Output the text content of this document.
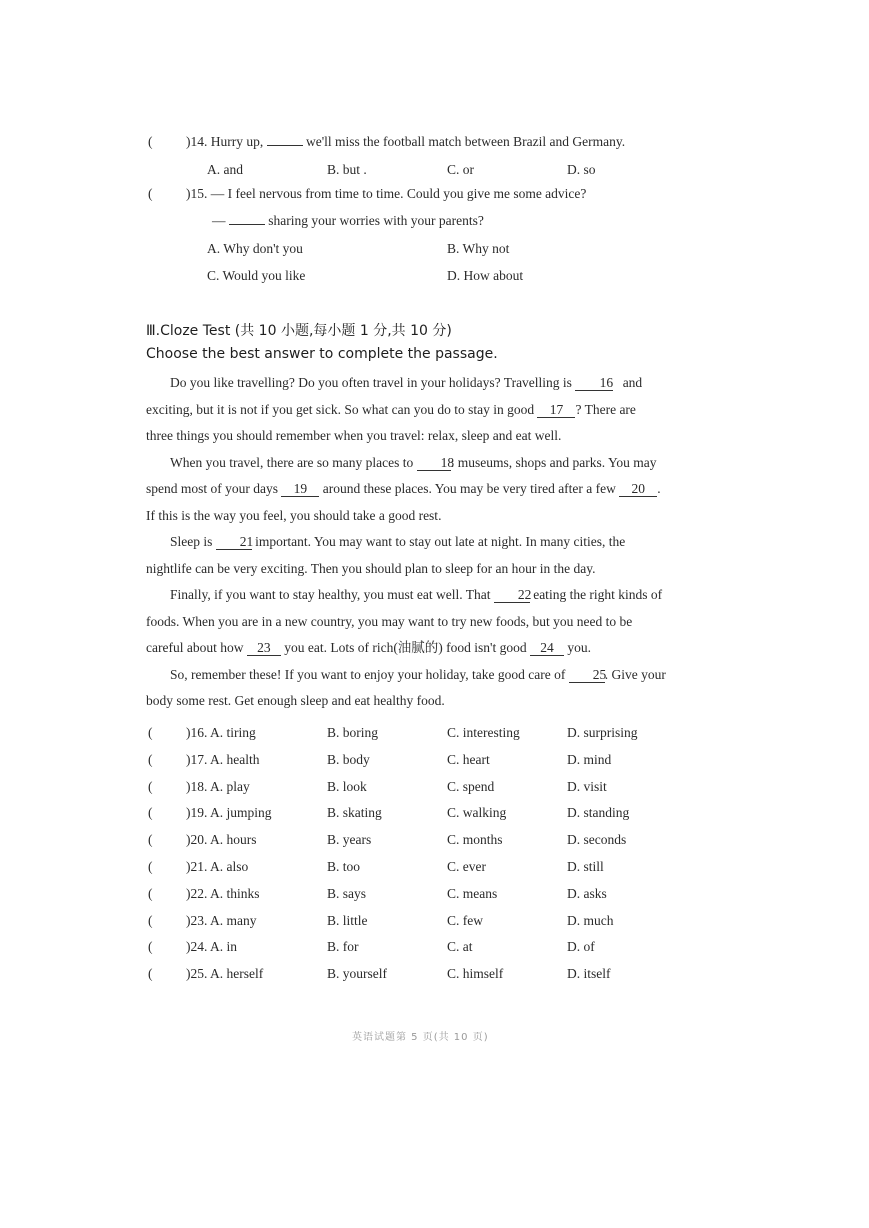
( )14. Hurry up,	we'll miss the football match between Brazil and Germany.
A. and	B. but .	C. or	D. so
( )15. — I feel nervous from time to time. Could you give me some advice?
—	sharing your worries with your parents?
A. Why don't you	B. Why not
C. Would you like	D. How about
Ⅲ.Cloze Test (共 10 小题,每小题 1 分,共 10 分)
Choose the best answer to complete the passage.
Do you like travelling? Do you often travel in your holidays? Travelling is 16 and
exciting, but it is not if you get sick. So what can you do to stay in good 17 ? There are
three things you should remember when you travel: relax, sleep and eat well.
When you travel, there are so many places to 18: museums, shops and parks. You may
spend most of your days 19 around these places. You may be very tired after a few 20 .
If this is the way you feel, you should take a good rest.
Sleep is 21 important. You may want to stay out late at night. In many cities, the
nightlife can be very exciting. Then you should plan to sleep for an hour in the day.
Finally, if you want to stay healthy, you must eat well. That 22 eating the right kinds of
foods. When you are in a new country, you may want to try new foods, but you need to be
careful about how 23 you eat. Lots of rich(油腻的) food isn't good 24 you.
So, remember these! If you want to enjoy your holiday, take good care of 25. Give your
body some rest. Get enough sleep and eat healthy food.
( )16. A. tiring	B. boring	C. interesting	D. surprising
( )17. A. health	B. body	C. heart	D. mind
( )18. A. play	B. look	C. spend	D. visit
( )19. A. jumping	B. skating	C. walking	D. standing
( )20. A. hours	B. years	C. months	D. seconds
( )21. A. also	B. too	C. ever	D. still
( )22. A. thinks	B. says	C. means	D. asks
( )23. A. many	B. little	C. few	D. much
( )24. A. in	B. for	C. at	D. of
( )25. A. herself	B. yourself	C. himself	D. itself
英语试题第 5 页(共 10 页)
